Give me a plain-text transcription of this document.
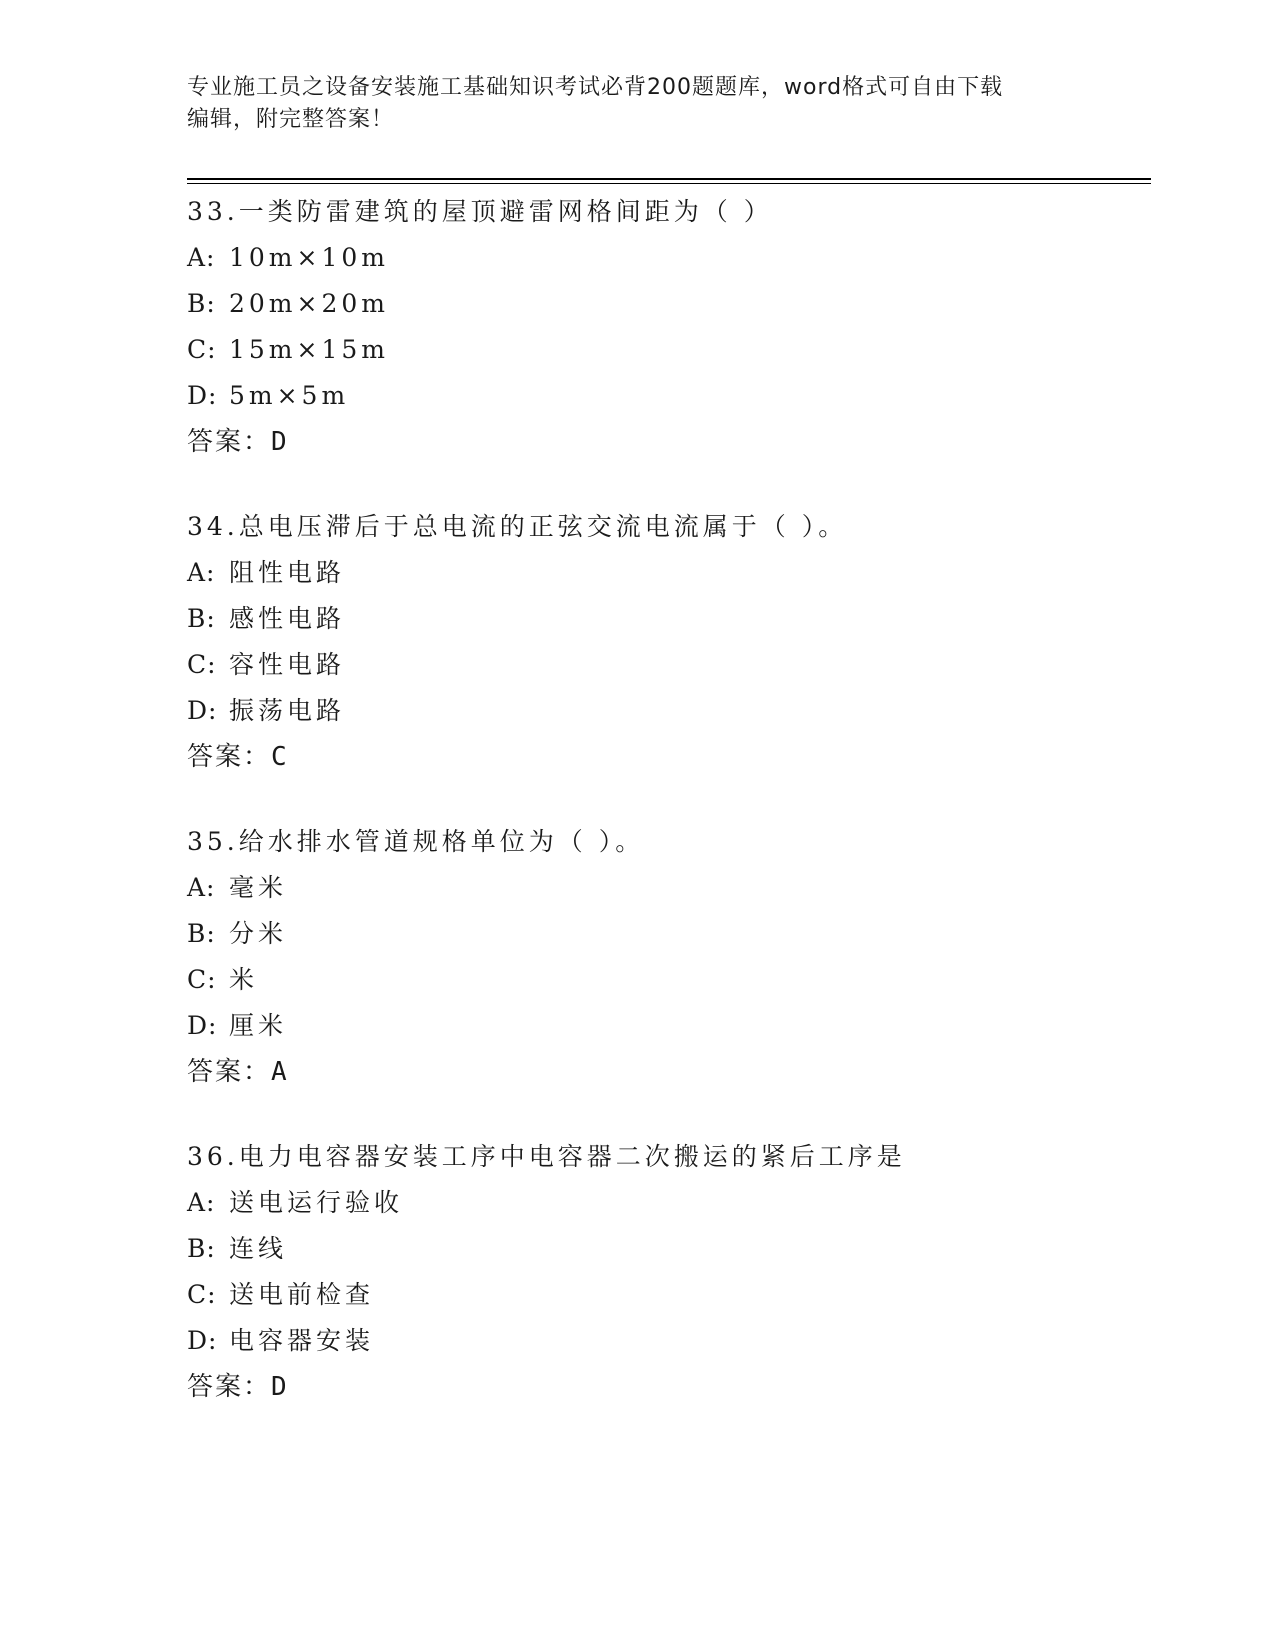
专业施工员之设备安装施工基础知识考试必背200题题库，word格式可自由下载
编辑，附完整答案！
33.一类防雷建筑的屋顶避雷网格间距为（ ）
A: 10m×10m
B: 20m×20m
C: 15m×15m
D: 5m×5m
答案：D
34.总电压滞后于总电流的正弦交流电流属于（ ）。
A: 阻性电路
B: 感性电路
C: 容性电路
D: 振荡电路
答案：C
35.给水排水管道规格单位为（ ）。
A: 毫米
B: 分米
C: 米
D: 厘米
答案：A
36.电力电容器安装工序中电容器二次搬运的紧后工序是
A: 送电运行验收
B: 连线
C: 送电前检查
D: 电容器安装
答案：D
